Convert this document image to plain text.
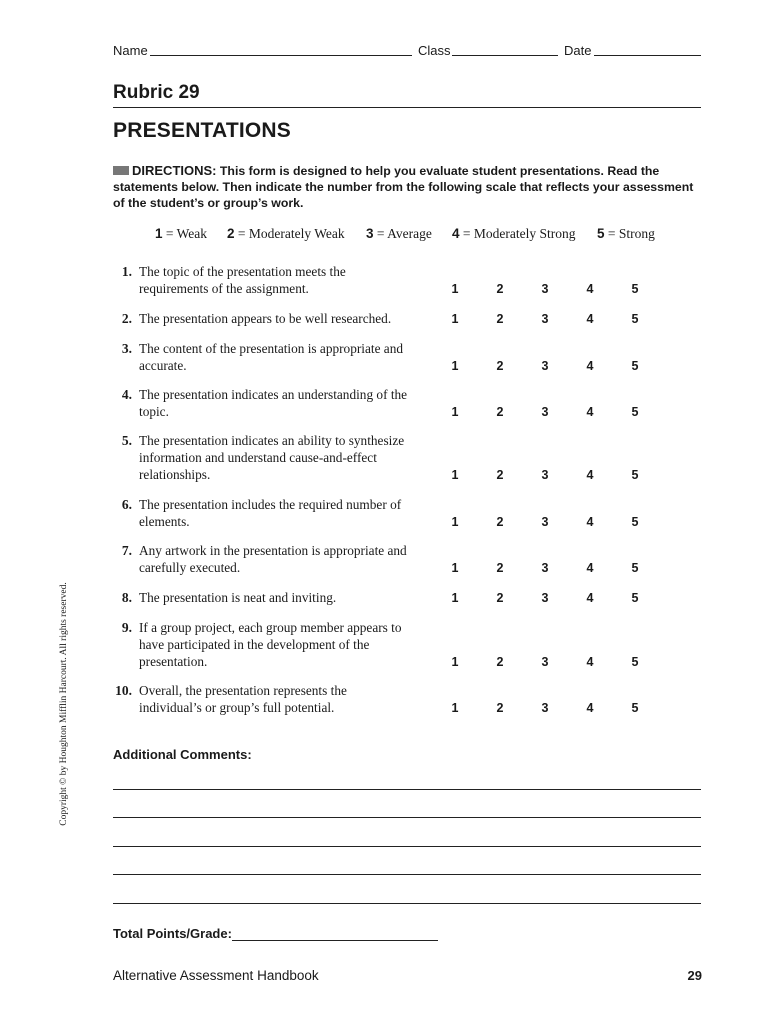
Name	Class	Date
Rubric 29
PRESENTATIONS
DIRECTIONS: This form is designed to help you evaluate student presentations. Read the statements below. Then indicate the number from the following scale that reflects your assessment of the student’s or group’s work.
1 = Weak 2 = Moderately Weak 3 = Average 4 = Moderately Strong 5 = Strong
1. The topic of the presentation meets the requirements of the assignment.	1	2	3	4	5
2. The presentation appears to be well researched.	1	2	3	4	5
3. The content of the presentation is appropriate and accurate.	1	2	3	4	5
4. The presentation indicates an understanding of the topic.	1	2	3	4	5
5. The presentation indicates an ability to synthesize information and understand cause-and-effect relationships.	1	2	3	4	5
6. The presentation includes the required number of elements.	1	2	3	4	5
7. Any artwork in the presentation is appropriate and carefully executed.	1	2	3	4	5
8. The presentation is neat and inviting.	1	2	3	4	5
9. If a group project, each group member appears to have participated in the development of the presentation.	1	2	3	4	5
10. Overall, the presentation represents the individual’s or group’s full potential.	1	2	3	4	5
Additional Comments:
Total Points/Grade:
Alternative Assessment Handbook	29
Copyright © by Houghton Mifflin Harcourt. All rights reserved.
